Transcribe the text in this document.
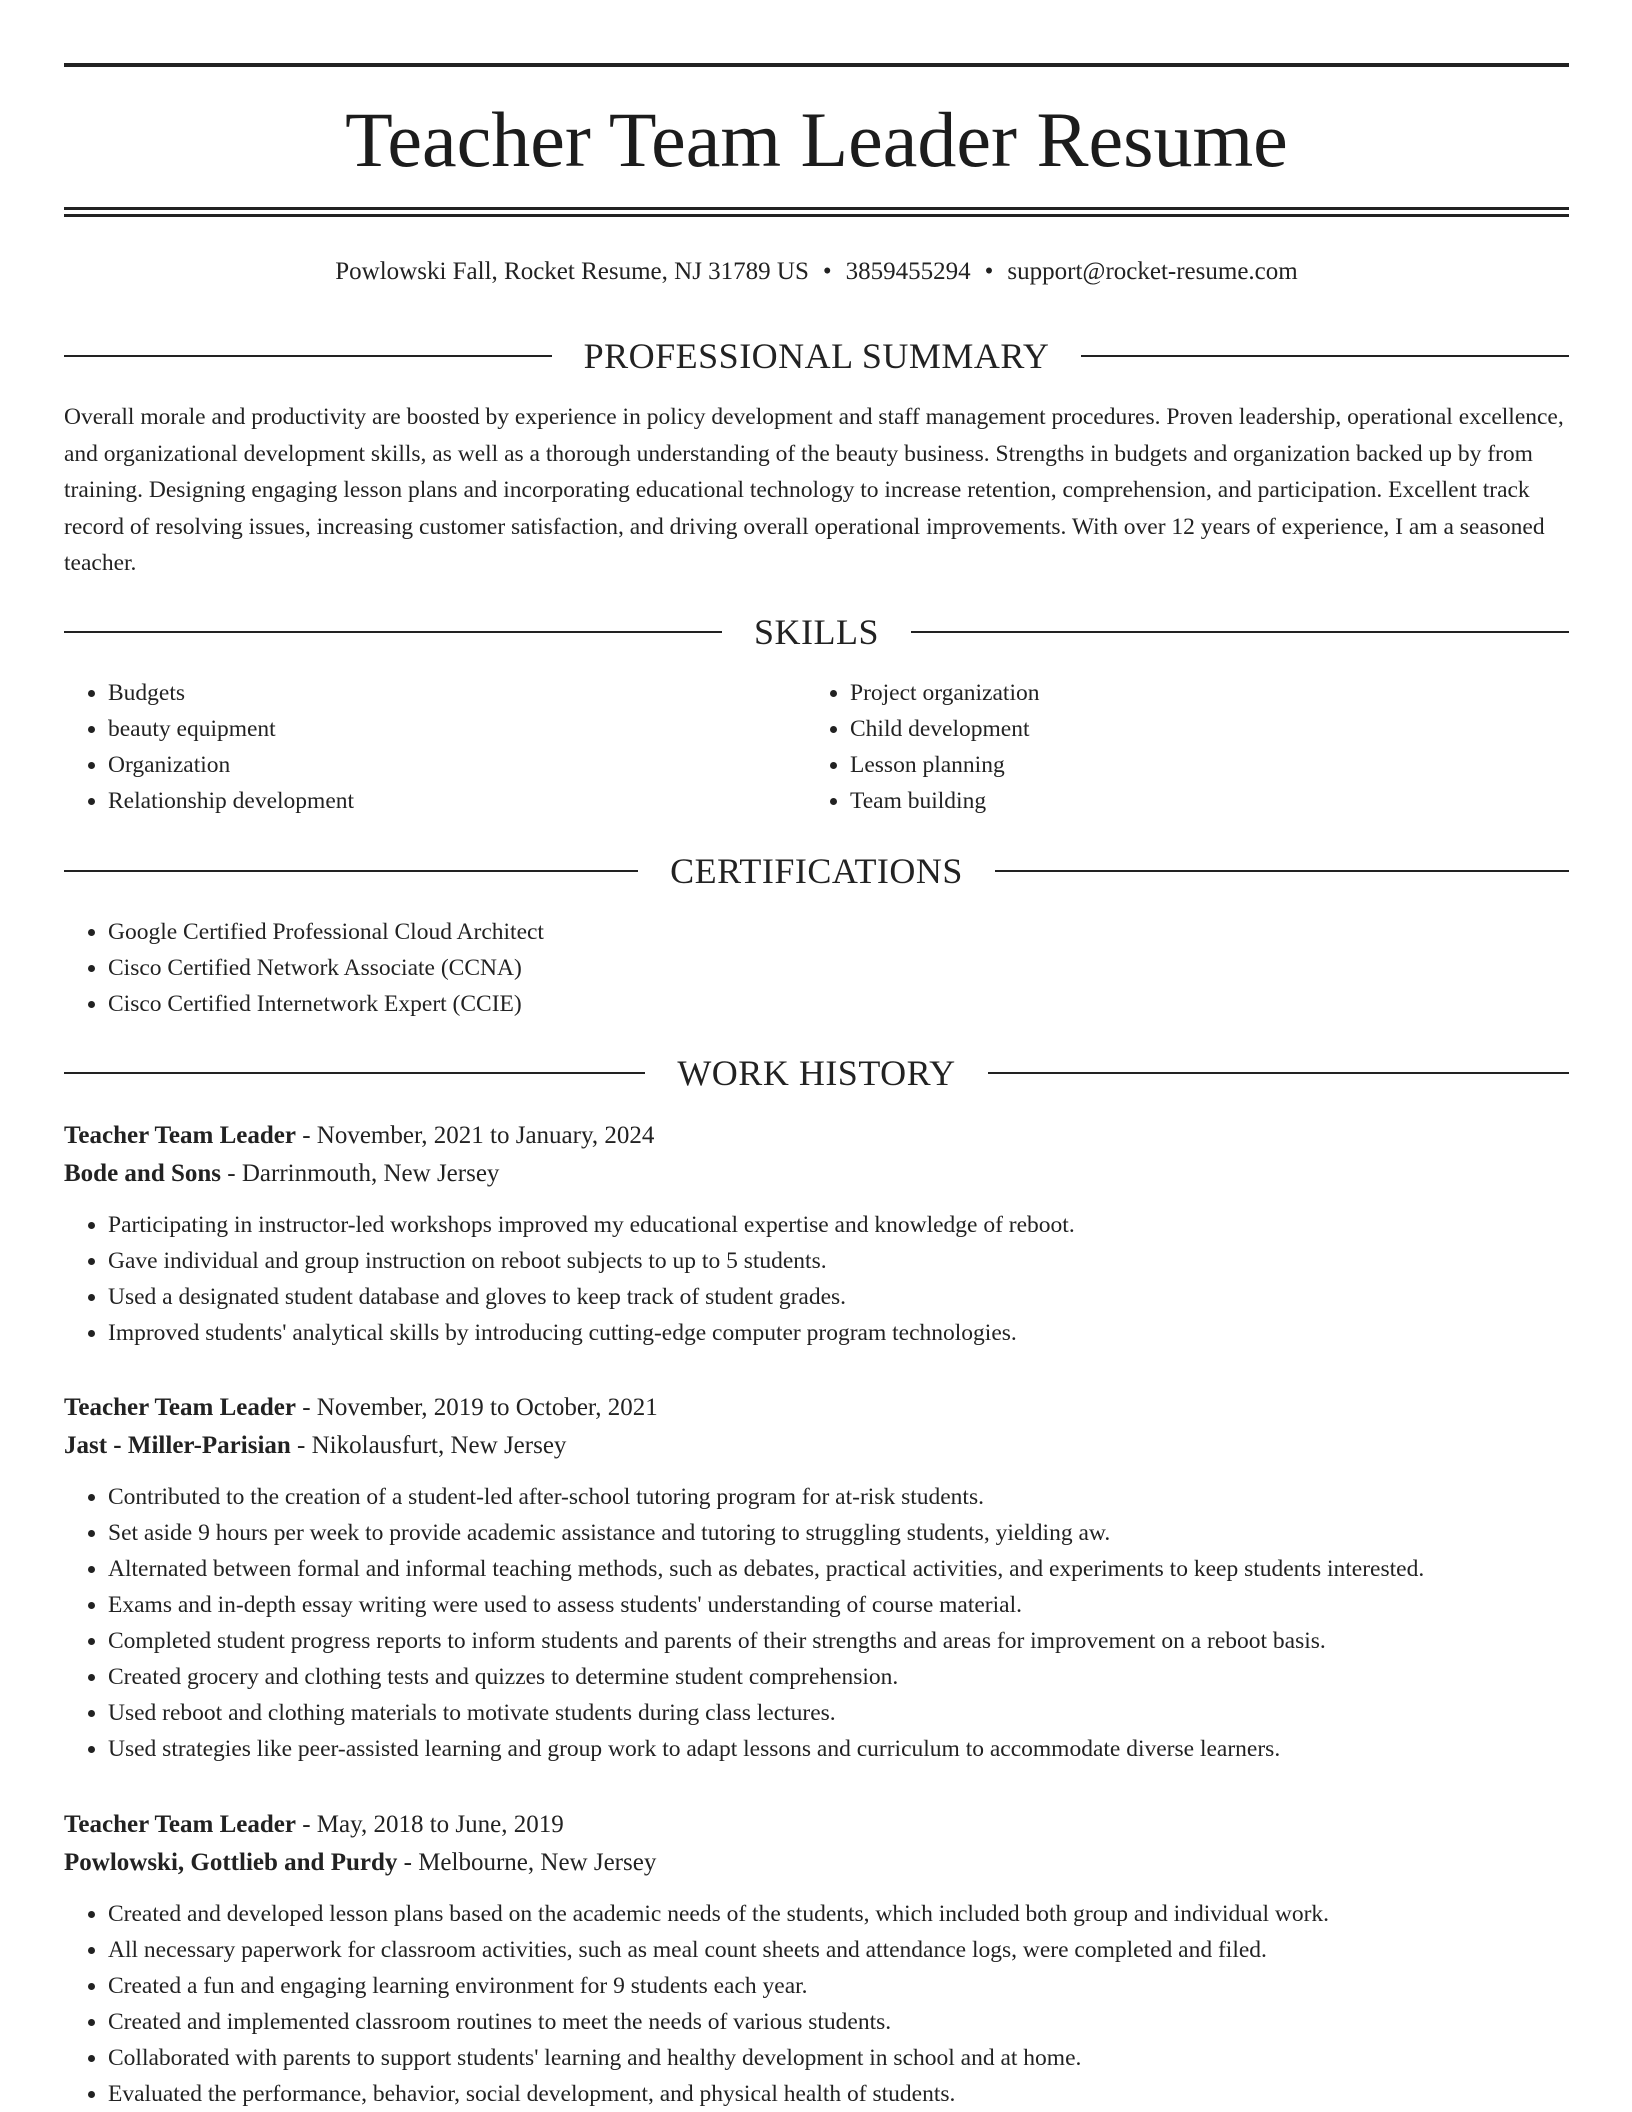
Teacher Team Leader Resume
Powlowski Fall, Rocket Resume, NJ 31789 US • 3859455294 • support@rocket-resume.com
PROFESSIONAL SUMMARY

Overall morale and productivity are boosted by experience in policy development and staff management procedures. Proven leadership, operational excellence, and organizational development skills, as well as a thorough understanding of the beauty business. Strengths in budgets and organization backed up by from training. Designing engaging lesson plans and incorporating educational technology to increase retention, comprehension, and participation. Excellent track record of resolving issues, increasing customer satisfaction, and driving overall operational improvements. With over 12 years of experience, I am a seasoned teacher.

SKILLS
• Budgets
• beauty equipment
• Organization
• Relationship development
• Project organization
• Child development
• Lesson planning
• Team building
CERTIFICATIONS
• Google Certified Professional Cloud Architect
• Cisco Certified Network Associate (CCNA)
• Cisco Certified Internetwork Expert (CCIE)
WORK HISTORY
Teacher Team Leader - November, 2021 to January, 2024
Bode and Sons - Darrinmouth, New Jersey
• Participating in instructor-led workshops improved my educational expertise and knowledge of reboot.
• Gave individual and group instruction on reboot subjects to up to 5 students.
• Used a designated student database and gloves to keep track of student grades.
• Improved students' analytical skills by introducing cutting-edge computer program technologies.
Teacher Team Leader - November, 2019 to October, 2021
Jast - Miller-Parisian - Nikolausfurt, New Jersey
• Contributed to the creation of a student-led after-school tutoring program for at-risk students.
• Set aside 9 hours per week to provide academic assistance and tutoring to struggling students, yielding aw.
• Alternated between formal and informal teaching methods, such as debates, practical activities, and experiments to keep students interested.
• Exams and in-depth essay writing were used to assess students' understanding of course material.
• Completed student progress reports to inform students and parents of their strengths and areas for improvement on a reboot basis.
• Created grocery and clothing tests and quizzes to determine student comprehension.
• Used reboot and clothing materials to motivate students during class lectures.
• Used strategies like peer-assisted learning and group work to adapt lessons and curriculum to accommodate diverse learners.
Teacher Team Leader - May, 2018 to June, 2019
Powlowski, Gottlieb and Purdy - Melbourne, New Jersey
• Created and developed lesson plans based on the academic needs of the students, which included both group and individual work.
• All necessary paperwork for classroom activities, such as meal count sheets and attendance logs, were completed and filed.
• Created a fun and engaging learning environment for 9 students each year.
• Created and implemented classroom routines to meet the needs of various students.
• Collaborated with parents to support students' learning and healthy development in school and at home.
• Evaluated the performance, behavior, social development, and physical health of students.
